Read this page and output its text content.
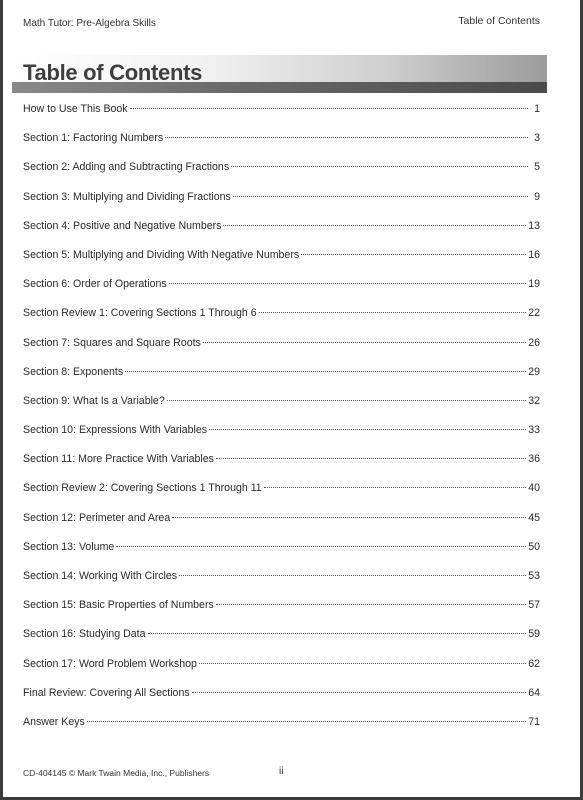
Math Tutor: Pre-Algebra Skills	Table of Contents
Table of Contents
How to Use This Book	1
Section 1: Factoring Numbers	3
Section 2: Adding and Subtracting Fractions	5
Section 3: Multiplying and Dividing Fractions	9
Section 4: Positive and Negative Numbers	13
Section 5: Multiplying and Dividing With Negative Numbers	16
Section 6: Order of Operations	19
Section Review 1: Covering Sections 1 Through 6	22
Section 7: Squares and Square Roots	26
Section 8: Exponents	29
Section 9: What Is a Variable?	32
Section 10: Expressions With Variables	33
Section 11: More Practice With Variables	36
Section Review 2: Covering Sections 1 Through 11	40
Section 12: Perimeter and Area	45
Section 13: Volume	50
Section 14: Working With Circles	53
Section 15: Basic Properties of Numbers	57
Section 16: Studying Data	59
Section 17: Word Problem Workshop	62
Final Review: Covering All Sections	64
Answer Keys	71
CD-404145 © Mark Twain Media, Inc., Publishers	ii
